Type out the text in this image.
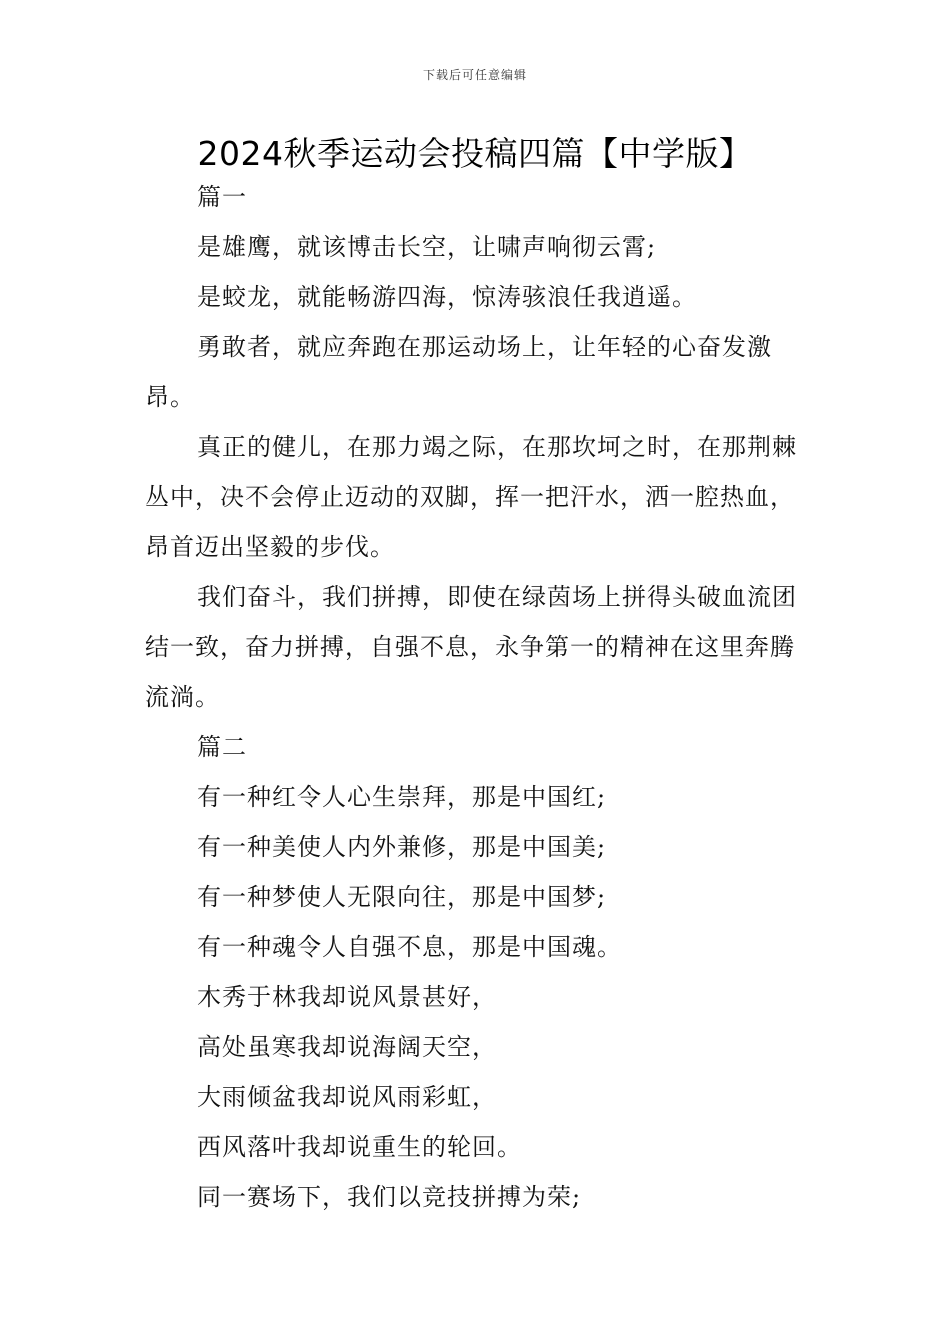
下载后可任意编辑
2024秋季运动会投稿四篇【中学版】

篇一

是雄鹰，就该博击长空，让啸声响彻云霄;

是蛟龙，就能畅游四海，惊涛骇浪任我逍遥。

勇敢者，就应奔跑在那运动场上，让年轻的心奋发激昂。

真正的健儿，在那力竭之际，在那坎坷之时，在那荆棘丛中，决不会停止迈动的双脚，挥一把汗水，洒一腔热血，昂首迈出坚毅的步伐。

我们奋斗，我们拼搏，即使在绿茵场上拼得头破血流团结一致，奋力拼搏，自强不息，永争第一的精神在这里奔腾流淌。

篇二

有一种红令人心生崇拜，那是中国红;

有一种美使人内外兼修，那是中国美;

有一种梦使人无限向往，那是中国梦;

有一种魂令人自强不息，那是中国魂。

木秀于林我却说风景甚好，

高处虽寒我却说海阔天空，

大雨倾盆我却说风雨彩虹，

西风落叶我却说重生的轮回。

同一赛场下，我们以竞技拼搏为荣;
